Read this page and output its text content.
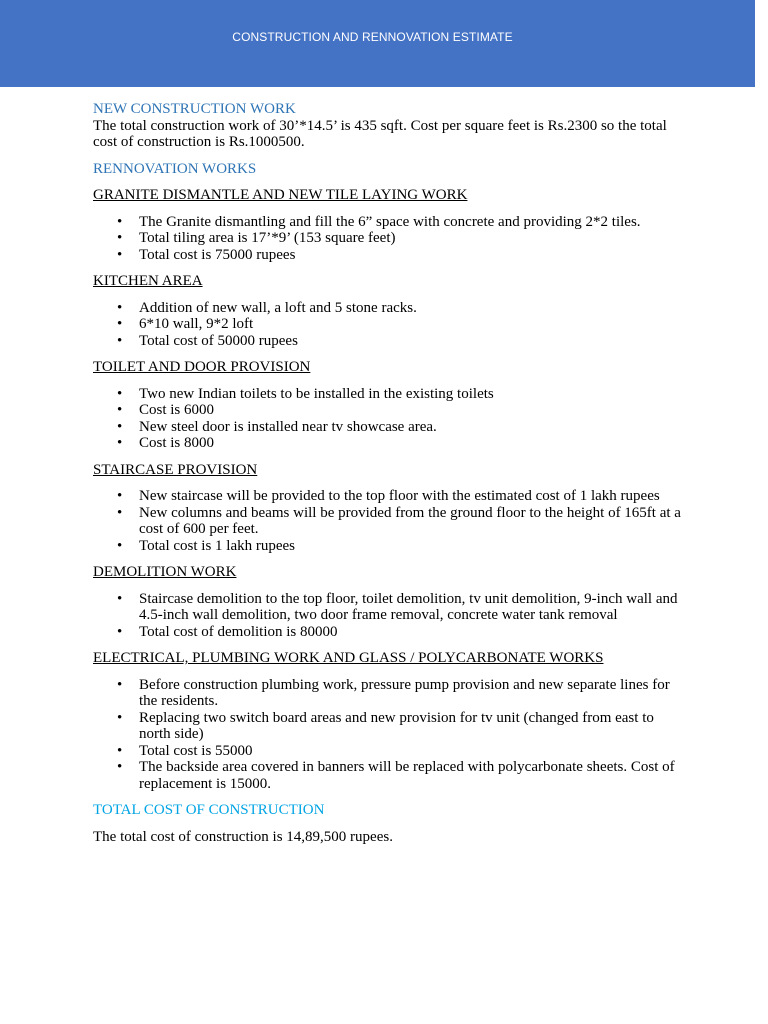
CONSTRUCTION AND RENNOVATION ESTIMATE
NEW CONSTRUCTION WORK

The total construction work of 30’*14.5’ is 435 sqft. Cost per square feet is Rs.2300 so the total cost of construction is Rs.1000500.

RENNOVATION WORKS
GRANITE DISMANTLE AND NEW TILE LAYING WORK
• The Granite dismantling and fill the 6” space with concrete and providing 2*2 tiles.
• Total tiling area is 17’*9’ (153 square feet)
• Total cost is 75000 rupees
KITCHEN AREA
• Addition of new wall, a loft and 5 stone racks.
• 6*10 wall, 9*2 loft
• Total cost of 50000 rupees
TOILET AND DOOR PROVISION
• Two new Indian toilets to be installed in the existing toilets
• Cost is 6000
• New steel door is installed near tv showcase area.
• Cost is 8000
STAIRCASE PROVISION
• New staircase will be provided to the top floor with the estimated cost of 1 lakh rupees
• New columns and beams will be provided from the ground floor to the height of 165ft at a cost of 600 per feet.
• Total cost is 1 lakh rupees
DEMOLITION WORK
• Staircase demolition to the top floor, toilet demolition, tv unit demolition, 9-inch wall and 4.5-inch wall demolition, two door frame removal, concrete water tank removal
• Total cost of demolition is 80000
ELECTRICAL, PLUMBING WORK AND GLASS / POLYCARBONATE WORKS
• Before construction plumbing work, pressure pump provision and new separate lines for the residents.
• Replacing two switch board areas and new provision for tv unit (changed from east to north side)
• Total cost is 55000
• The backside area covered in banners will be replaced with polycarbonate sheets. Cost of replacement is 15000.
TOTAL COST OF CONSTRUCTION

The total cost of construction is 14,89,500 rupees.
